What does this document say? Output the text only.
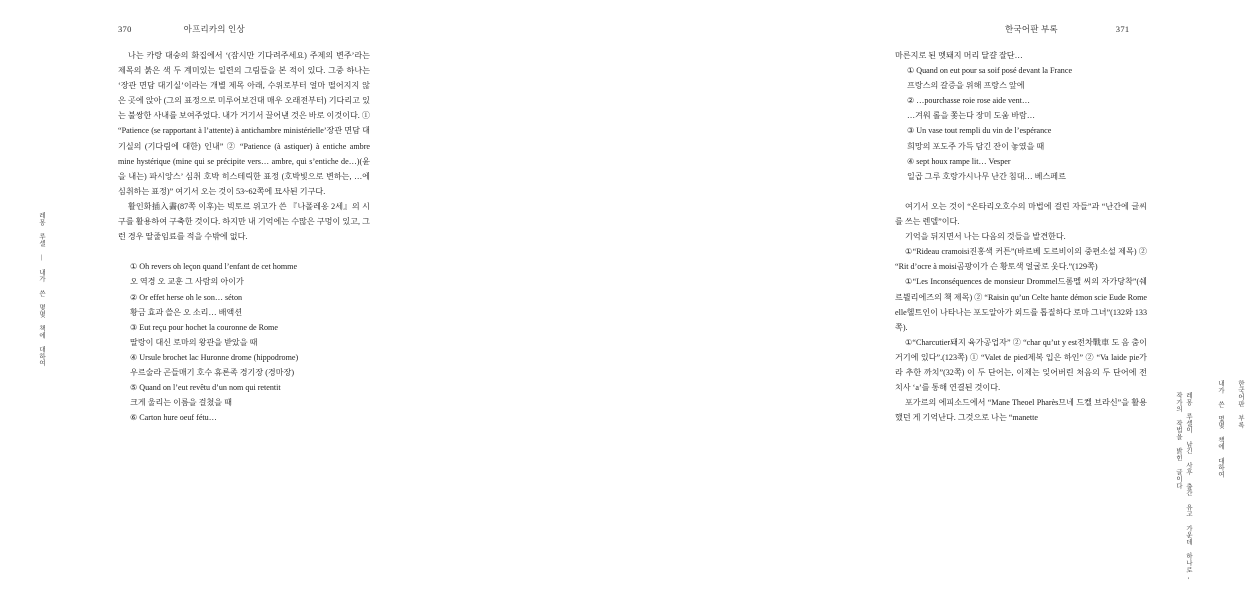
370	아프리카의 인상

나는 카랑 대숭의 화집에서 ‘(잠시만 기다려주세요) 주제의 변주’라는 제목의 붉은 색 두 계미있는 일련의 그림들을 본 적이 있다. 그중 하나는 ‘장관 면담 대기실’이라는 개별 제목 아래, 수위로부터 얼마 떨어지지 않은 곳에 앉아 (그의 표정으로 미루어보건대 매우 오래전부터) 기다리고 있는 불쌍한 사내를 보여주었다. 내가 거기서 끌어낸 것은 바로 이것이다. ① “Patience (se rapportant à l’attente) à antichambre ministérielle’장관 면담 대기실의 (기다림에 대한) 인내” ② “Patience (à astiquer) à entiche ambre mine hystérique (mine qui se précipite vers… ambre, qui s’entiche de…)(윤을 내는) 파시앙스’ 심취 호박 히스테릭한 표정 (호박빛으로 변하는, …에 심취하는 표정)” 여기서 오는 것이 53~62쪽에 묘사된 기구다.

활인화插入畵(87쪽 이후)는 빅토르 위고가 쓴 『나폴레옹 2세』의 시구를 활용하여 구축한 것이다. 하지만 내 기억에는 수많은 구멍이 있고, 그런 경우 딸줄임료를 적을 수밖에 없다.

① Oh revers oh leçon quand l’enfant de cet homme

오 역경 오 교훈 그 사람의 아이가

② Or effet herse oh le son… séton

황금 효과 쓸은 오 소리… 배액션

③ Eut reçu pour hochet la couronne de Rome

딸랑이 대신 로마의 왕관을 받았을 때

④ Ursule brochet lac Huronne drome (hippodrome)

우르술라 곤들매기 호수 휴론족 경기장 (경마장)

⑤ Quand on l’eut revêtu d’un nom qui retentit

크게 울리는 이름을 걸쳤을 때

⑥ Carton hure oeuf fétu…

레몽 루셀 | 내가 쓴 몇몇 책에 대하여
한국어판 부록	371

마른지로 된 멧돼지 머리 달걀 잘단…

① Quand on eut pour sa soif posé devant la France

프랑스의 갈증을 위해 프랑스 앞에

② …pourchasse roie rose aide vent…

…겨워 롤을 쫓는다 장미 도움 바람…

③ Un vase tout rempli du vin de l’espérance

희망의 포도주 가득 담긴 잔이 놓였을 때

④ sept houx rampe lit… Vesper

일곱 그루 호랑가시나무 난간 침대… 베스페르

여기서 오는 것이 “온타리오호수의 마법에 걸린 자들”과 “난간에 글씨를 쓰는 렌델”이다.

기억을 뒤지면서 나는 다음의 것들을 발견한다.

①“Rideau cramoisi진홍색 커튼”(바르베 도르비이의 중편소설 제목) ② “Rit d’ocre à moisi곰팡이가 슨 황토색 얼굴로 웃다.”(129쪽)

①“Les Inconséquences de monsieur Drommel드롬멜 씨의 자가당착”(쉐르뷜리에즈의 책 제목) ② “Raisin qu’un Celte hante démon scie Eude Rome elle헬트인이 나타나는 포도알아가 외드를 톱질하다 로마 그녀”(132와 133쪽).

①“Charcutier돼지 육가공업자” ② “char qu’ut y est전차戰車 도 음 춤이 거기에 있다”.(123쪽) ① “Valet de pied제복 입은 하인” ② “Va laide pie가라 추한 까치”(32쪽) 이 두 단어는, 이제는 잊어버린 처음의 두 단어에 전치사 ‘a’를 통해 연결된 것이다.

포가르의 에피소드에서 “Mane Theoel Pharès므네 드켈 브라신”을 활용했던 게 기억난다. 그것으로 나는 “manette	한국어판 부록
레몽 루셀이 남긴 사후 출간 유고 가운데 하나로, 작가의 작법을 밝힌 글이다	내가 쓴 몇몇 책에 대하여
